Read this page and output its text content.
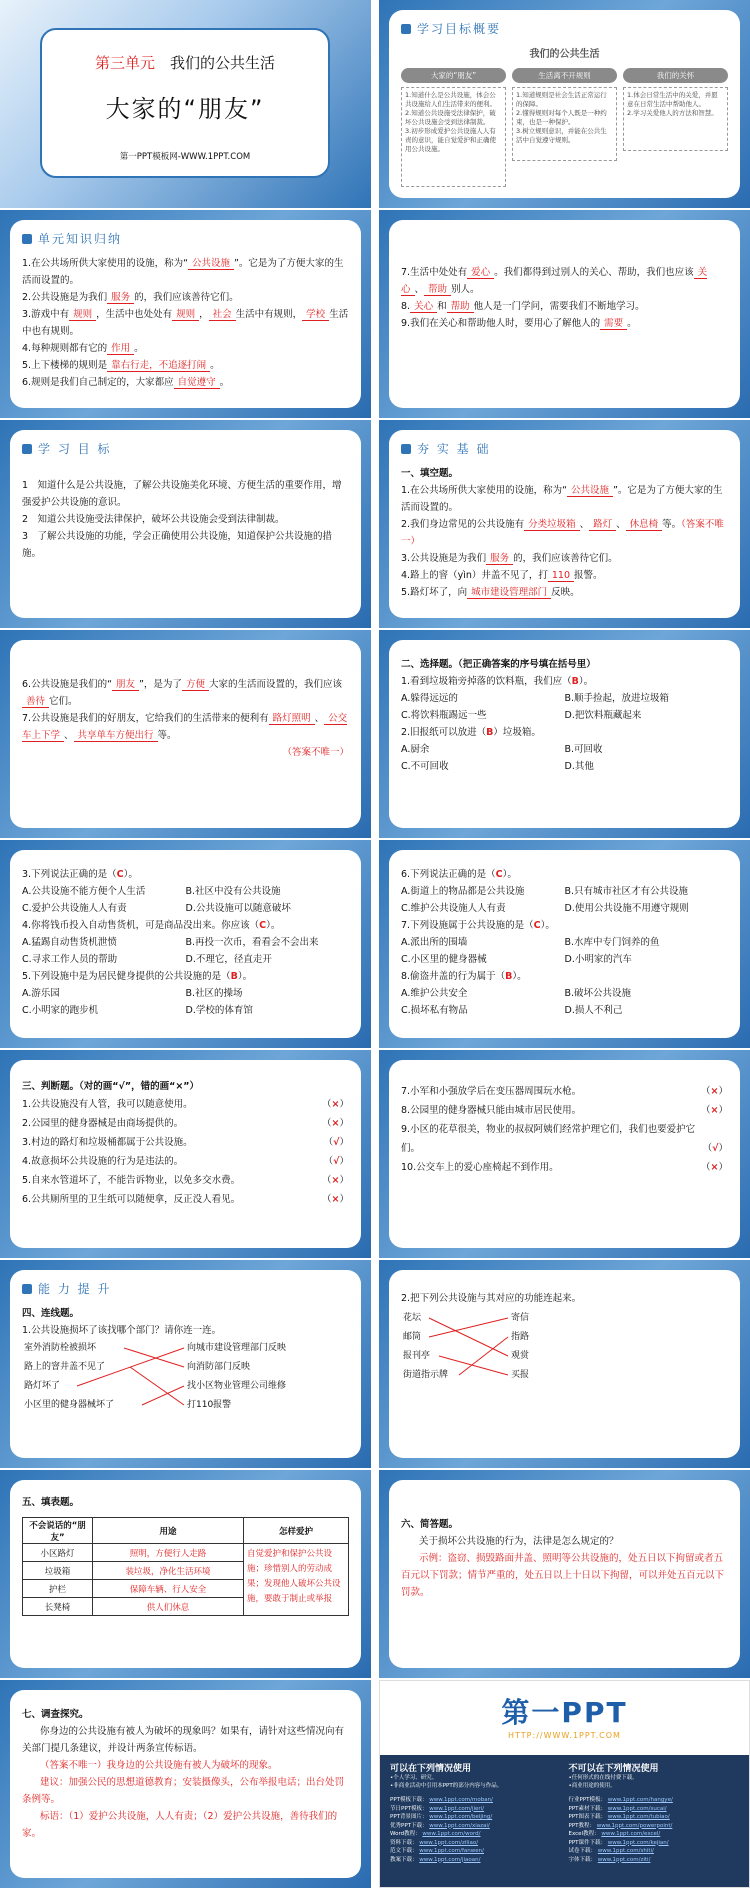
第三单元　 我们的公共生活
大家的“朋友”
第一PPT模板网-WWW.1PPT.COM
学习目标概要
我们的公共生活
大家的“朋友”
1.知道什么是公共设施，体会公共设施给人们生活带来的便利。
2.知道公共设施受法律保护，破坏公共设施会受到法律制裁。
3.初步形成爱护公共设施人人有责的意识，能自觉爱护和正确使用公共设施。
生活离不开规则
1.知道规则是社会生活正常运行的保障。
2.懂得规则对每个人既是一种约束，也是一种保护。
3.树立规则意识，并能在公共生活中自觉遵守规则。
我们的关怀
1.体会日常生活中的关爱，并愿意在日常生活中帮助他人。
2.学习关爱他人的方法和智慧。
单元知识归纳
1.在公共场所供大家使用的设施，称为“ 公共设施 ”。它是为了方便大家的生活而设置的。
2.公共设施是为我们 服务 的，我们应该善待它们。
3.游戏中有 规则 ，生活中也处处有 规则 ， 社会 生活中有规则， 学校 生活中也有规则。
4.每种规则都有它的 作用 。
5.上下楼梯的规则是 靠右行走，不追逐打闹 。
6.规则是我们自己制定的，大家都应 自觉遵守 。
7.生活中处处有 爱心 。我们都得到过别人的关心、帮助，我们也应该 关心 、 帮助 别人。
8. 关心 和 帮助 他人是一门学问，需要我们不断地学习。
9.我们在关心和帮助他人时，要用心了解他人的 需要 。
学 习 目 标
1　知道什么是公共设施，了解公共设施美化环境、方便生活的重要作用，增强爱护公共设施的意识。
2　知道公共设施受法律保护，破坏公共设施会受到法律制裁。
3　了解公共设施的功能，学会正确使用公共设施，知道保护公共设施的措施。
夯 实 基 础
一、填空题。
1.在公共场所供大家使用的设施，称为“ 公共设施 ”。它是为了方便大家的生活而设置的。
2.我们身边常见的公共设施有 分类垃圾箱 、 路灯 、 休息椅 等。（答案不唯一）
3.公共设施是为我们 服务 的，我们应该善待它们。
4.路上的窨（yìn）井盖不见了，打 110 报警。
5.路灯坏了，向 城市建设管理部门 反映。
6.公共设施是我们的“ 朋友 ”，是为了 方便 大家的生活而设置的，我们应该善待 它们。
7.公共设施是我们的好朋友，它给我们的生活带来的便利有 路灯照明 、 公交车上下学 、 共享单车方便出行 等。
（答案不唯一）
二、选择题。（把正确答案的序号填在括号里）
1.看到垃圾箱旁掉落的饮料瓶，我们应（B）。
A.躲得远远的	B.顺手捡起，放进垃圾箱
C.将饮料瓶踢远一些	D.把饮料瓶藏起来
2.旧报纸可以放进（B）垃圾箱。
A.厨余	B.可回收
C.不可回收	D.其他
3.下列说法正确的是（C）。
A.公共设施不能方便个人生活	B.社区中没有公共设施
C.爱护公共设施人人有责	D.公共设施可以随意破坏
4.你将钱币投入自动售货机，可是商品没出来。你应该（C）。
A.猛踢自动售货机泄愤	B.再投一次币，看看会不会出来
C.寻求工作人员的帮助	D.不理它，径直走开
5.下列设施中是为居民健身提供的公共设施的是（B）。
A.游乐园	B.社区的操场
C.小明家的跑步机	D.学校的体育馆
6.下列说法正确的是（C）。
A.街道上的物品都是公共设施	B.只有城市社区才有公共设施
C.维护公共设施人人有责	D.使用公共设施不用遵守规则
7.下列设施属于公共设施的是（C）。
A.派出所的围墙	B.水库中专门饲养的鱼
C.小区里的健身器械	D.小明家的汽车
8.偷盗井盖的行为属于（B）。
A.维护公共安全	B.破坏公共设施
C.损坏私有物品	D.损人不利己
三、判断题。（对的画“√”，错的画“×”）
1.公共设施没有人管，我可以随意使用。	（×）
2.公园里的健身器械是由商场提供的。	（×）
3.村边的路灯和垃圾桶都属于公共设施。	（√）
4.故意损坏公共设施的行为是违法的。	（√）
5.自来水管道坏了，不能告诉物业，以免多交水费。	（×）
6.公共厕所里的卫生纸可以随便拿，反正没人看见。	（×）
7.小军和小强放学后在变压器周围玩水枪。	（×）
8.公园里的健身器械只能由城市居民使用。	（×）
9.小区的花草很美，物业的叔叔阿姨们经常护理它们，我们也要爱护它们。	（√）
10.公交车上的爱心座椅起不到作用。	（×）
能 力 提 升
四、连线题。
1.公共设施损坏了该找哪个部门？请你连一连。
室外消防栓被损坏
路上的窨井盖不见了
路灯坏了
小区里的健身器械坏了
向城市建设管理部门反映
向消防部门反映
找小区物业管理公司维修
打110报警
2.把下列公共设施与其对应的功能连起来。
花坛
邮筒
报刊亭
街道指示牌
寄信
指路
观赏
买报
五、填表题。
不会说话的“朋友”	用途	怎样爱护
小区路灯	照明，方便行人走路	自觉爱护和保护公共设施；珍惜别人的劳动成果；发现他人破坏公共设施，要敢于制止或举报
垃圾箱	装垃圾，净化生活环境	
护栏	保障车辆、行人安全	
长凳椅	供人们休息	
六、简答题。
关于损坏公共设施的行为，法律是怎么规定的？
示例：盗窃、损毁路面井盖、照明等公共设施的，处五日以下拘留或者五百元以下罚款；情节严重的，处五日以上十日以下拘留，可以并处五百元以下罚款。
七、调查探究。
你身边的公共设施有被人为破坏的现象吗？如果有，请针对这些情况向有关部门提几条建议，并设计两条宣传标语。
（答案不唯一）我身边的公共设施有被人为破坏的现象。
建议：加强公民的思想道德教育；安装摄像头，公布举报电话；出台处罚条例等。
标语：（1）爱护公共设施，人人有责；（2）爱护公共设施，善待我们的家。
第一PPT
HTTP://WWW.1PPT.COM
可以在下列情况使用
•个人学习、研究。
•非商业活动中引用本PPT的部分内容与作品。
不可以在下列情况使用
•任何形式的在线付费下载。
•商业用途的使用。
PPT模板下载： www.1ppt.com/moban/
节日PPT模板： www.1ppt.com/jieri/
PPT背景图片： www.1ppt.com/beijing/
优秀PPT下载： www.1ppt.com/xiazai/
Word教程： www.1ppt.com/word/
资料下载： www.1ppt.com/ziliao/
范文下载： www.1ppt.com/fanwen/
教案下载： www.1ppt.com/jiaoan/
行业PPT模板： www.1ppt.com/hangye/
PPT素材下载： www.1ppt.com/sucai/
PPT图表下载： www.1ppt.com/tubiao/
PPT教程： www.1ppt.com/powerpoint/
Excel教程： www.1ppt.com/excel/
PPT课件下载： www.1ppt.com/kejian/
试卷下载： www.1ppt.com/shiti/
字体下载： www.1ppt.com/ziti/
